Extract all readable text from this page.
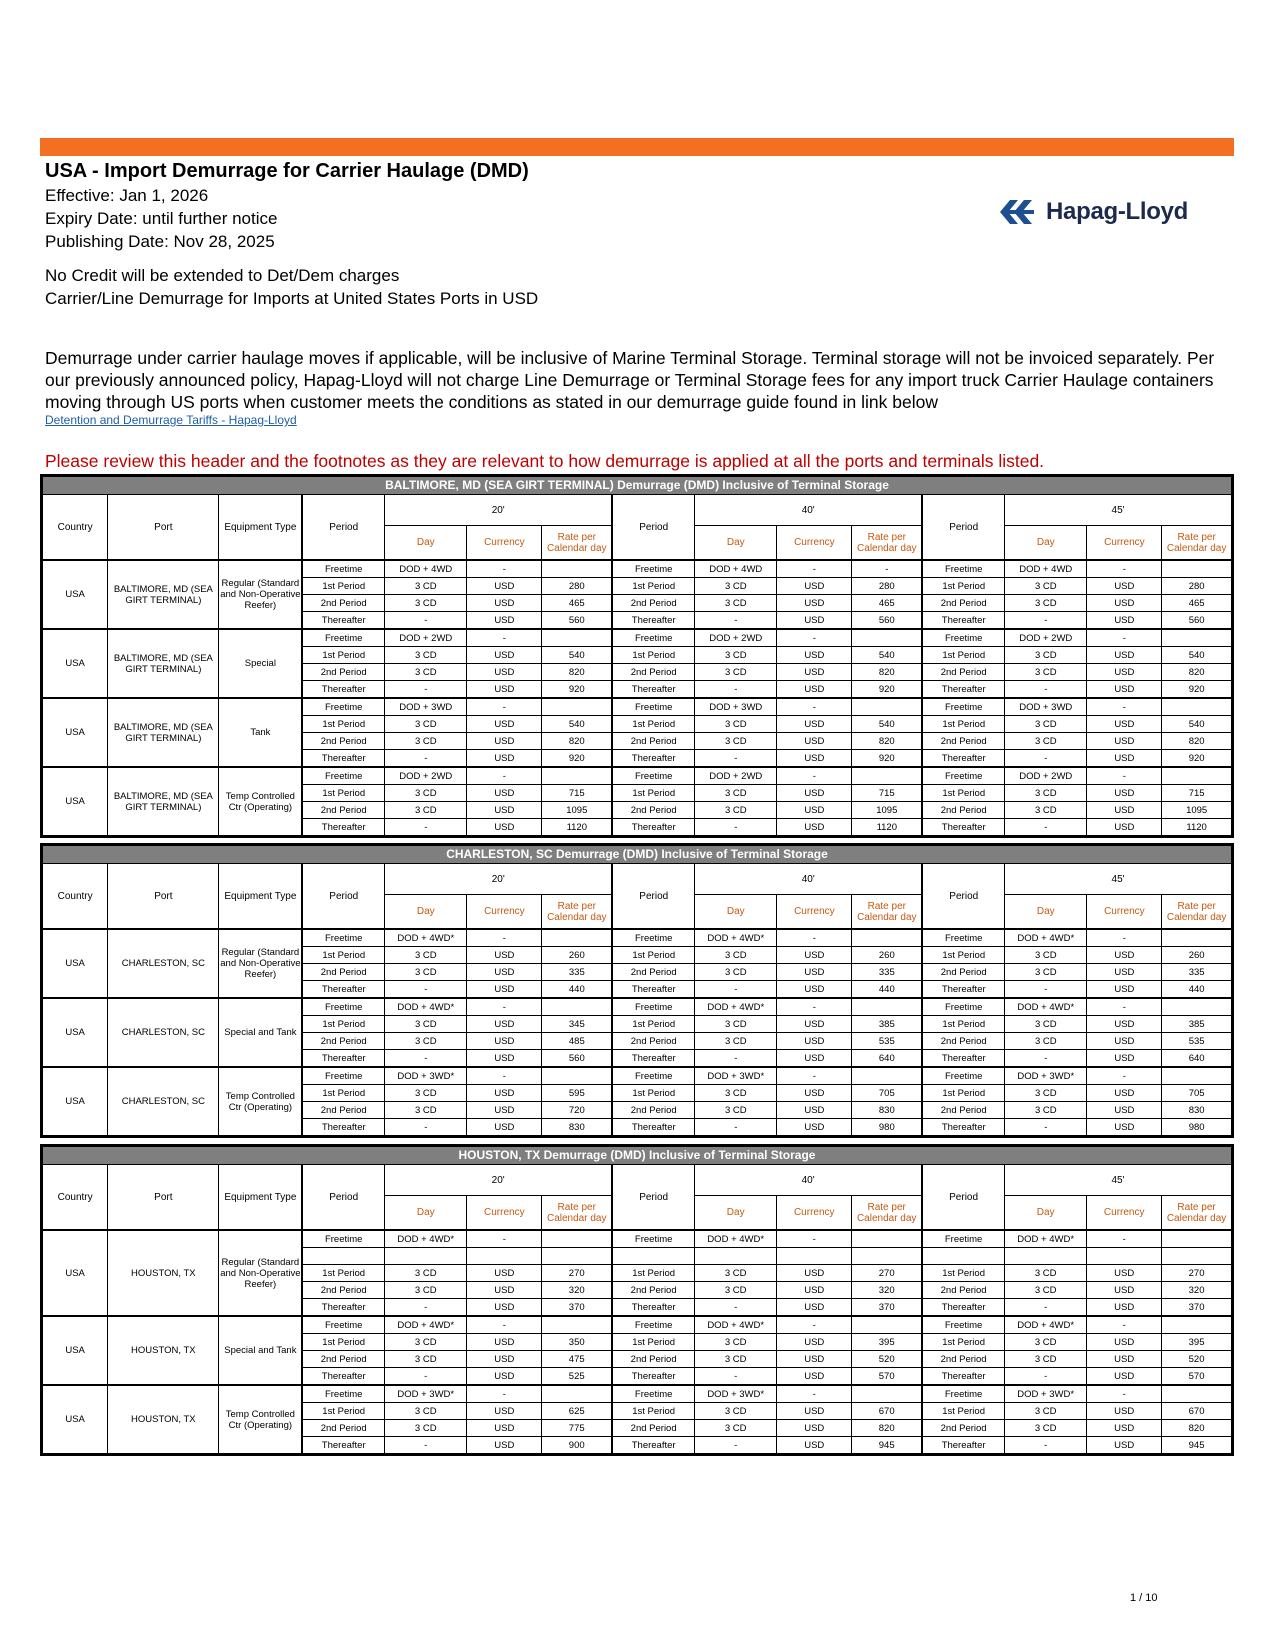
USA - Import Demurrage for Carrier Haulage (DMD)

Effective: Jan 1, 2026

Expiry Date: until further notice

Publishing Date: Nov 28, 2025

No Credit will be extended to Det/Dem charges

Carrier/Line Demurrage for Imports at United States Ports in USD

Hapag-Lloyd
Demurrage under carrier haulage moves if applicable, will be inclusive of Marine Terminal Storage. Terminal storage will not be invoiced separately. Per our previously announced policy, Hapag-Lloyd will not charge Line Demurrage or Terminal Storage fees for any import truck Carrier Haulage containers moving through US ports when customer meets the conditions as stated in our demurrage guide found in link below
Detention and Demurrage Tariffs - Hapag-Lloyd
Please review this header and the footnotes as they are relevant to how demurrage is applied at all the ports and terminals listed.
BALTIMORE, MD (SEA GIRT TERMINAL) Demurrage (DMD) Inclusive of Terminal Storage														
Country	Port	Equipment Type	Period	20'			Period	40'			Period	45'		
				Day	Currency	Rate per Calendar day		Day	Currency	Rate per Calendar day		Day	Currency	Rate per Calendar day
USA	BALTIMORE, MD (SEA GIRT TERMINAL)	Regular (Standard and Non-Operative Reefer)	Freetime	DOD + 4WD	-		Freetime	DOD + 4WD	-	-	Freetime	DOD + 4WD	-	
			1st Period	3 CD	USD	280	1st Period	3 CD	USD	280	1st Period	3 CD	USD	280
			2nd Period	3 CD	USD	465	2nd Period	3 CD	USD	465	2nd Period	3 CD	USD	465
			Thereafter	-	USD	560	Thereafter	-	USD	560	Thereafter	-	USD	560
USA	BALTIMORE, MD (SEA GIRT TERMINAL)	Special	Freetime	DOD + 2WD	-		Freetime	DOD + 2WD	-		Freetime	DOD + 2WD	-	
			1st Period	3 CD	USD	540	1st Period	3 CD	USD	540	1st Period	3 CD	USD	540
			2nd Period	3 CD	USD	820	2nd Period	3 CD	USD	820	2nd Period	3 CD	USD	820
			Thereafter	-	USD	920	Thereafter	-	USD	920	Thereafter	-	USD	920
USA	BALTIMORE, MD (SEA GIRT TERMINAL)	Tank	Freetime	DOD + 3WD	-		Freetime	DOD + 3WD	-		Freetime	DOD + 3WD	-	
			1st Period	3 CD	USD	540	1st Period	3 CD	USD	540	1st Period	3 CD	USD	540
			2nd Period	3 CD	USD	820	2nd Period	3 CD	USD	820	2nd Period	3 CD	USD	820
			Thereafter	-	USD	920	Thereafter	-	USD	920	Thereafter	-	USD	920
USA	BALTIMORE, MD (SEA GIRT TERMINAL)	Temp Controlled Ctr (Operating)	Freetime	DOD + 2WD	-		Freetime	DOD + 2WD	-		Freetime	DOD + 2WD	-	
			1st Period	3 CD	USD	715	1st Period	3 CD	USD	715	1st Period	3 CD	USD	715
			2nd Period	3 CD	USD	1095	2nd Period	3 CD	USD	1095	2nd Period	3 CD	USD	1095
			Thereafter	-	USD	1120	Thereafter	-	USD	1120	Thereafter	-	USD	1120
CHARLESTON, SC Demurrage (DMD) Inclusive of Terminal Storage														
Country	Port	Equipment Type	Period	20'			Period	40'			Period	45'		
				Day	Currency	Rate per Calendar day		Day	Currency	Rate per Calendar day		Day	Currency	Rate per Calendar day
USA	CHARLESTON, SC	Regular (Standard and Non-Operative Reefer)	Freetime	DOD + 4WD*	-		Freetime	DOD + 4WD*	-		Freetime	DOD + 4WD*	-	
			1st Period	3 CD	USD	260	1st Period	3 CD	USD	260	1st Period	3 CD	USD	260
			2nd Period	3 CD	USD	335	2nd Period	3 CD	USD	335	2nd Period	3 CD	USD	335
			Thereafter	-	USD	440	Thereafter	-	USD	440	Thereafter	-	USD	440
USA	CHARLESTON, SC	Special and Tank	Freetime	DOD + 4WD*	-		Freetime	DOD + 4WD*	-		Freetime	DOD + 4WD*	-	
			1st Period	3 CD	USD	345	1st Period	3 CD	USD	385	1st Period	3 CD	USD	385
			2nd Period	3 CD	USD	485	2nd Period	3 CD	USD	535	2nd Period	3 CD	USD	535
			Thereafter	-	USD	560	Thereafter	-	USD	640	Thereafter	-	USD	640
USA	CHARLESTON, SC	Temp Controlled Ctr (Operating)	Freetime	DOD + 3WD*	-		Freetime	DOD + 3WD*	-		Freetime	DOD + 3WD*	-	
			1st Period	3 CD	USD	595	1st Period	3 CD	USD	705	1st Period	3 CD	USD	705
			2nd Period	3 CD	USD	720	2nd Period	3 CD	USD	830	2nd Period	3 CD	USD	830
			Thereafter	-	USD	830	Thereafter	-	USD	980	Thereafter	-	USD	980
HOUSTON, TX Demurrage (DMD) Inclusive of Terminal Storage														
Country	Port	Equipment Type	Period	20'			Period	40'			Period	45'		
				Day	Currency	Rate per Calendar day		Day	Currency	Rate per Calendar day		Day	Currency	Rate per Calendar day
USA	HOUSTON, TX	Regular (Standard and Non-Operative Reefer)	Freetime	DOD + 4WD*	-		Freetime	DOD + 4WD*	-		Freetime	DOD + 4WD*	-	

			1st Period	3 CD	USD	270	1st Period	3 CD	USD	270	1st Period	3 CD	USD	270
			2nd Period	3 CD	USD	320	2nd Period	3 CD	USD	320	2nd Period	3 CD	USD	320
			Thereafter	-	USD	370	Thereafter	-	USD	370	Thereafter	-	USD	370
USA	HOUSTON, TX	Special and Tank	Freetime	DOD + 4WD*	-		Freetime	DOD + 4WD*	-		Freetime	DOD + 4WD*	-	
			1st Period	3 CD	USD	350	1st Period	3 CD	USD	395	1st Period	3 CD	USD	395
			2nd Period	3 CD	USD	475	2nd Period	3 CD	USD	520	2nd Period	3 CD	USD	520
			Thereafter	-	USD	525	Thereafter	-	USD	570	Thereafter	-	USD	570
USA	HOUSTON, TX	Temp Controlled Ctr (Operating)	Freetime	DOD + 3WD*	-		Freetime	DOD + 3WD*	-		Freetime	DOD + 3WD*	-	
			1st Period	3 CD	USD	625	1st Period	3 CD	USD	670	1st Period	3 CD	USD	670
			2nd Period	3 CD	USD	775	2nd Period	3 CD	USD	820	2nd Period	3 CD	USD	820
			Thereafter	-	USD	900	Thereafter	-	USD	945	Thereafter	-	USD	945
1 / 10
